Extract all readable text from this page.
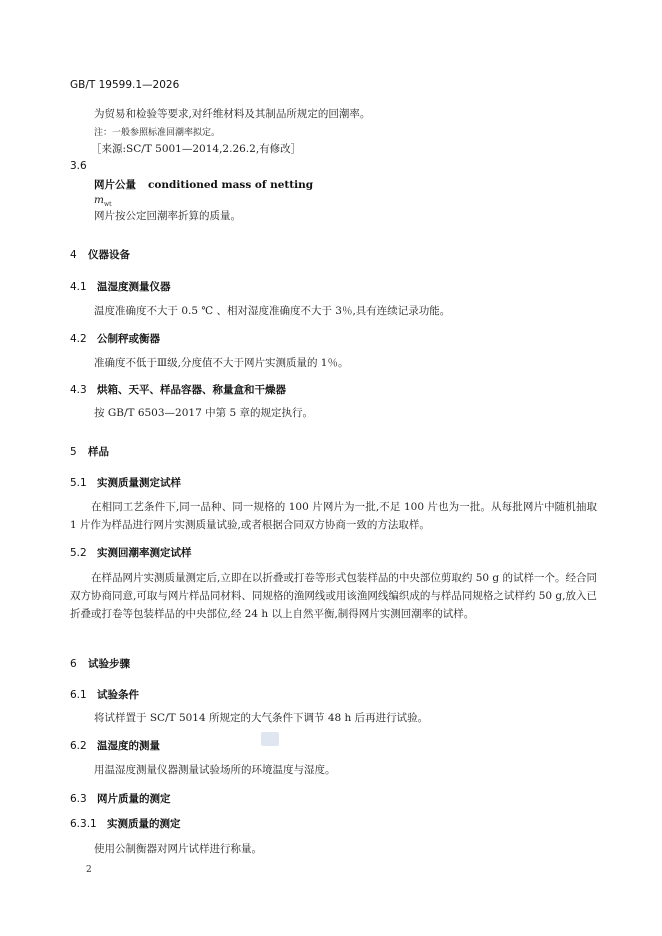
GB/T 19599.1—2026
为贸易和检验等要求,对纤维材料及其制品所规定的回潮率。
注：一般参照标准回潮率拟定。
［来源:SC/T 5001—2014,2.26.2,有修改］
3.6
网片公量 conditioned mass of netting
$m_{wt}$
网片按公定回潮率折算的质量。
4 仪器设备
4.1 温湿度测量仪器
温度准确度不大于 0.5 ℃ 、相对湿度准确度不大于 3％,具有连续记录功能。
4.2 公制秤或衡器
准确度不低于Ⅲ级,分度值不大于网片实测质量的 1％。
4.3 烘箱、天平、样品容器、称量盒和干燥器
按 GB/T 6503—2017 中第 5 章的规定执行。
5 样品
5.1 实测质量测定试样
在相同工艺条件下,同一品种、同一规格的 100 片网片为一批,不足 100 片也为一批。从每批网片中随机抽取 1 片作为样品进行网片实测质量试验,或者根据合同双方协商一致的方法取样。
5.2 实测回潮率测定试样
在样品网片实测质量测定后,立即在以折叠或打卷等形式包装样品的中央部位剪取约 50 g 的试样一个。经合同双方协商同意,可取与网片样品同材料、同规格的渔网线或用该渔网线编织成的与样品同规格之试样约 50 g,放入已折叠或打卷等包装样品的中央部位,经 24 h 以上自然平衡,制得网片实测回潮率的试样。
6 试验步骤
6.1 试验条件
将试样置于 SC/T 5014 所规定的大气条件下调节 48 h 后再进行试验。
6.2 温湿度的测量
用温湿度测量仪器测量试验场所的环境温度与湿度。
6.3 网片质量的测定
6.3.1 实测质量的测定
使用公制衡器对网片试样进行称量。
2
